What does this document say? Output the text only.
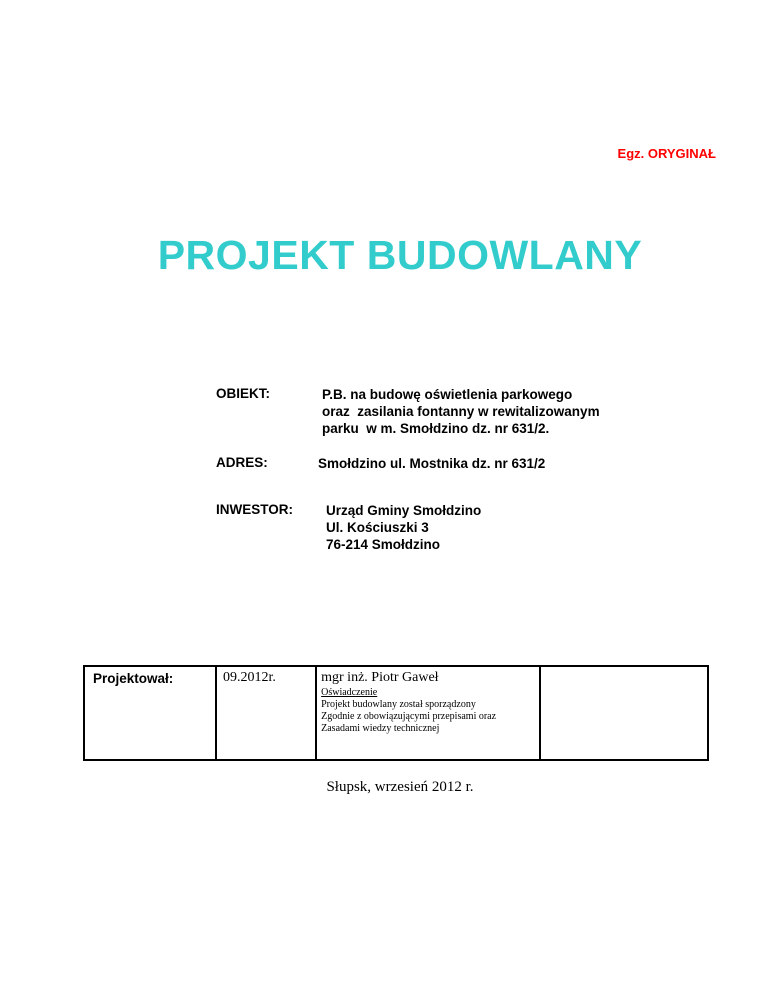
Egz. ORYGINAŁ
PROJEKT BUDOWLANY
OBIEKT:	P.B. na budowę oświetlenia parkowego
oraz  zasilania fontanny w rewitalizowanym
parku  w m. Smołdzino dz. nr 631/2.
ADRES:	Smołdzino ul. Mostnika dz. nr 631/2
INWESTOR: Urząd Gminy Smołdzino
Ul. Kościuszki 3
76-214 Smołdzino
Projektował:	09.2012r.	mgr inż. Piotr Gaweł
Oświadczenie
Projekt budowlany został sporządzony
Zgodnie z obowiązującymi przepisami oraz
Zasadami wiedzy technicznej

Słupsk, wrzesień 2012 r.
